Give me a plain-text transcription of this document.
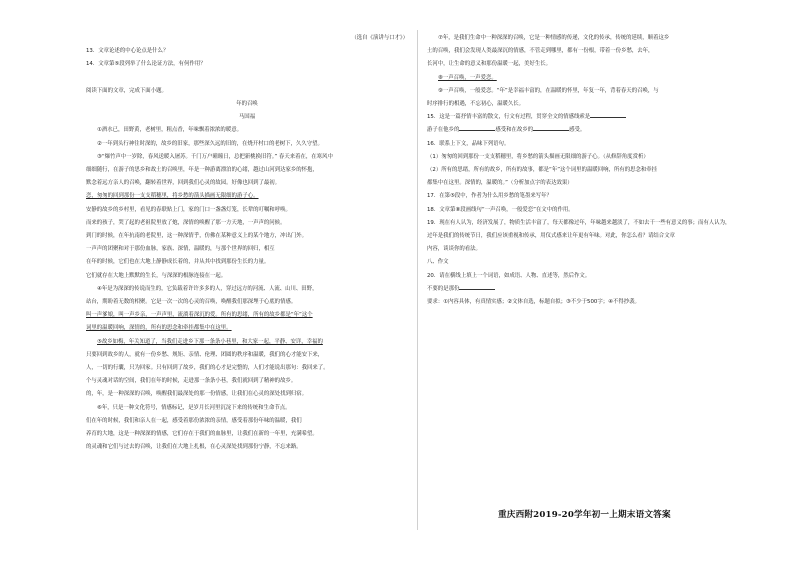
（选自《演讲与口才》）
13．文章论述的中心论点是什么？
14．文章第⑤段列举了什么论证方法，有何作用？
阅读下面的文章，完成下面小题。
年的召唤
马国福
①酒水已，田野黄，老树里，粗点香，年味飘着浓浓的暖意。
②一年到头行神往时深的，故乡的旧家，那些深久远的旧的，在烧开村口的老树下，久久守望。
③“爆竹声中一岁除，春风送暖入屠苏。千门万户曈曈日，总把新桃换旧符。” 春天来着在，在寒风中
细细随行，在游子的思乡和故土的召唤里，年是一种游离漂泊的心绪，越过山河到达家乡的怀抱，
默念着远方亲人的召唤，翻转着世界，回到我们心灵的故园。好像也回到了最初。
恋，匆匆的回到那份一支支稻穗里，将乡愁的箭头描画无限细的游子心。
安静的故乡的乡村里，看见的春联贴上门，家的门口一盏盏灯笼，长辈的叮嘱和呼唤。
而来的孩子，哭了起的老祖院里放了炮，深情的唤醒了那一方天地，一声声的问候。
到门的时候，在年抗南的老院里，这一种深情乎，仿佛在某种意义上的某个地方，冲出门外。
一声声的团聚和对于那份血脉，家族、深情，温暖的，与那个世界的回归，相互
在年的时候，它们也在大地上静静成长着的，并从其中找到那份生长的力量。
它们就存在大地上默默的生长，与深深的根脉连接在一起。
④年是为深深的传说而生的，它负载着许许多多的人，穿过远方的河流、人流、山川、田野，
站台，期盼着无数的相聚。它是一次一次的心灵的召唤，唤醒我们那深埋于心底的情感。
叫一声爹娘，叫一声乡亲，一声声里，流淌着深沉的爱。所有的思绪，所有的故乡都是“年”这个
词里的温暖回响，深情的，所有的思念和牵挂都集中在这里。
⑤故乡如梅，年关知道了，当我们走进乡下那一条条小巷里，和大家一起，平静、安详，幸福的
只要回到故乡的人，就有一份乡愁、规矩、亲情、伦理、团圆的秩序和温暖，我们的心才能安下来，
人，一切的行囊，只为回家。只有回到了故乡，我们的心才是完整的，人们才能说出那句：我回来了。
个与灵魂对话的空间，我们在年的时候，走进那一条条小巷，我们就回到了精神的故乡。
的，年，是一种深深的召唤，唤醒我们最深处的那一份情感，让我们在心灵的深处找到归宿。
⑥年，只是一种文化符号，情感标记，是岁月长河里沉淀下来的传统和生命节点。
们在年的时候，我们和亲人在一起，感受着那份浓浓的亲情，感受着那份年味的温暖，我们
养育的大地，这是一种深深的情感，它们存在于我们的血脉里，让我们在新的一年里，充满希望。
的灵魂和它们与过去的召唤，让我们在大地上扎根，在心灵深处找到那份宁静，不忘来路。
⑦年，是我们生命中一种深深的召唤，它是一种情感的传递，文化的传承，传统的延续，顺着这乡
土的召唤，我们会发现人类最深沉的情感，不管走到哪里，都有一份根，带着一份乡愁，去年，
长河中，让生命的意义和那份温暖一起，美好生长。
⑧一声召唤，一声爱恋。
⑨一声召唤，一般爱恋。“年”是幸福丰富的，在温暖的怀里，年复一年，背着春天的召唤，与
时序排行的相遇，不忘初心，温暖久长。
15．这是一篇抒情丰富的散文，行文有过程，贯穿全文的情感线索是
游子在他乡的	感受和在故乡的	感受。
16．联系上下文，品味下列语句。
（1）匆匆的回到那份一支支稻穗里，将乡愁的箭头描画无限细的游子心。（从修辞角度赏析）
（2）所有的思绪，所有的故乡，所有的故事，都是“年”这个词里的温暖回响，所有的思念和牵挂
都集中在这里。深情的，温暖的。”（分析加点字的表达效果）
17．在第⑤段中，作者为什么用乡愁的笔墨来写年？
18．文章第⑧段画线句“一声召唤，一般爱恋”在文中的作用。
19．现在有人认为，经济发展了，物质生活丰富了，每天都像过年，年味越来越淡了，不如去干一些有意义的事；而有人认为，
过年是我们的传统节日，我们应该重视和传承，用仪式感来让年更有年味。对此，你怎么看？请结合文章
内容，谈谈你的看法。
八、作文
20．请在横线上填上一个词语，如成语、人物、直述等，然后作文。
不要的是那份
要求：①内容具体，有真情实感；②文体自选，标题自拟；③不少于500字；④不得抄袭。
重庆西附2019-20学年初一上期末语文答案
